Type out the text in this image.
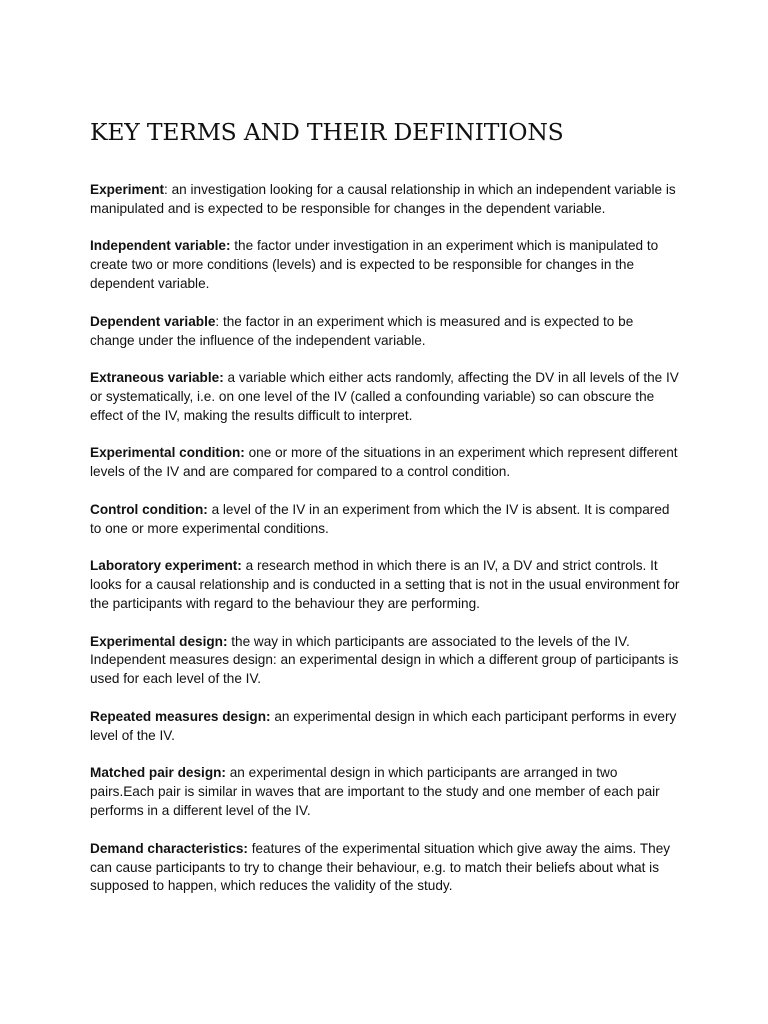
KEY TERMS AND THEIR DEFINITIONS

Experiment: an investigation looking for a causal relationship in which an independent variable is manipulated and is expected to be responsible for changes in the dependent variable.

Independent variable: the factor under investigation in an experiment which is manipulated to create two or more conditions (levels) and is expected to be responsible for changes in the dependent variable.

Dependent variable: the factor in an experiment which is measured and is expected to be change under the influence of the independent variable.

Extraneous variable: a variable which either acts randomly, affecting the DV in all levels of the IV or systematically, i.e. on one level of the IV (called a confounding variable) so can obscure the effect of the IV, making the results difficult to interpret.

Experimental condition: one or more of the situations in an experiment which represent different levels of the IV and are compared for compared to a control condition.

Control condition: a level of the IV in an experiment from which the IV is absent. It is compared to one or more experimental conditions.

Laboratory experiment: a research method in which there is an IV, a DV and strict controls. It looks for a causal relationship and is conducted in a setting that is not in the usual environment for the participants with regard to the behaviour they are performing.

Experimental design: the way in which participants are associated to the levels of the IV. Independent measures design: an experimental design in which a different group of participants is used for each level of the IV.

Repeated measures design: an experimental design in which each participant performs in every level of the IV.

Matched pair design: an experimental design in which participants are arranged in two pairs.Each pair is similar in waves that are important to the study and one member of each pair performs in a different level of the IV.

Demand characteristics: features of the experimental situation which give away the aims. They can cause participants to try to change their behaviour, e.g. to match their beliefs about what is supposed to happen, which reduces the validity of the study.
